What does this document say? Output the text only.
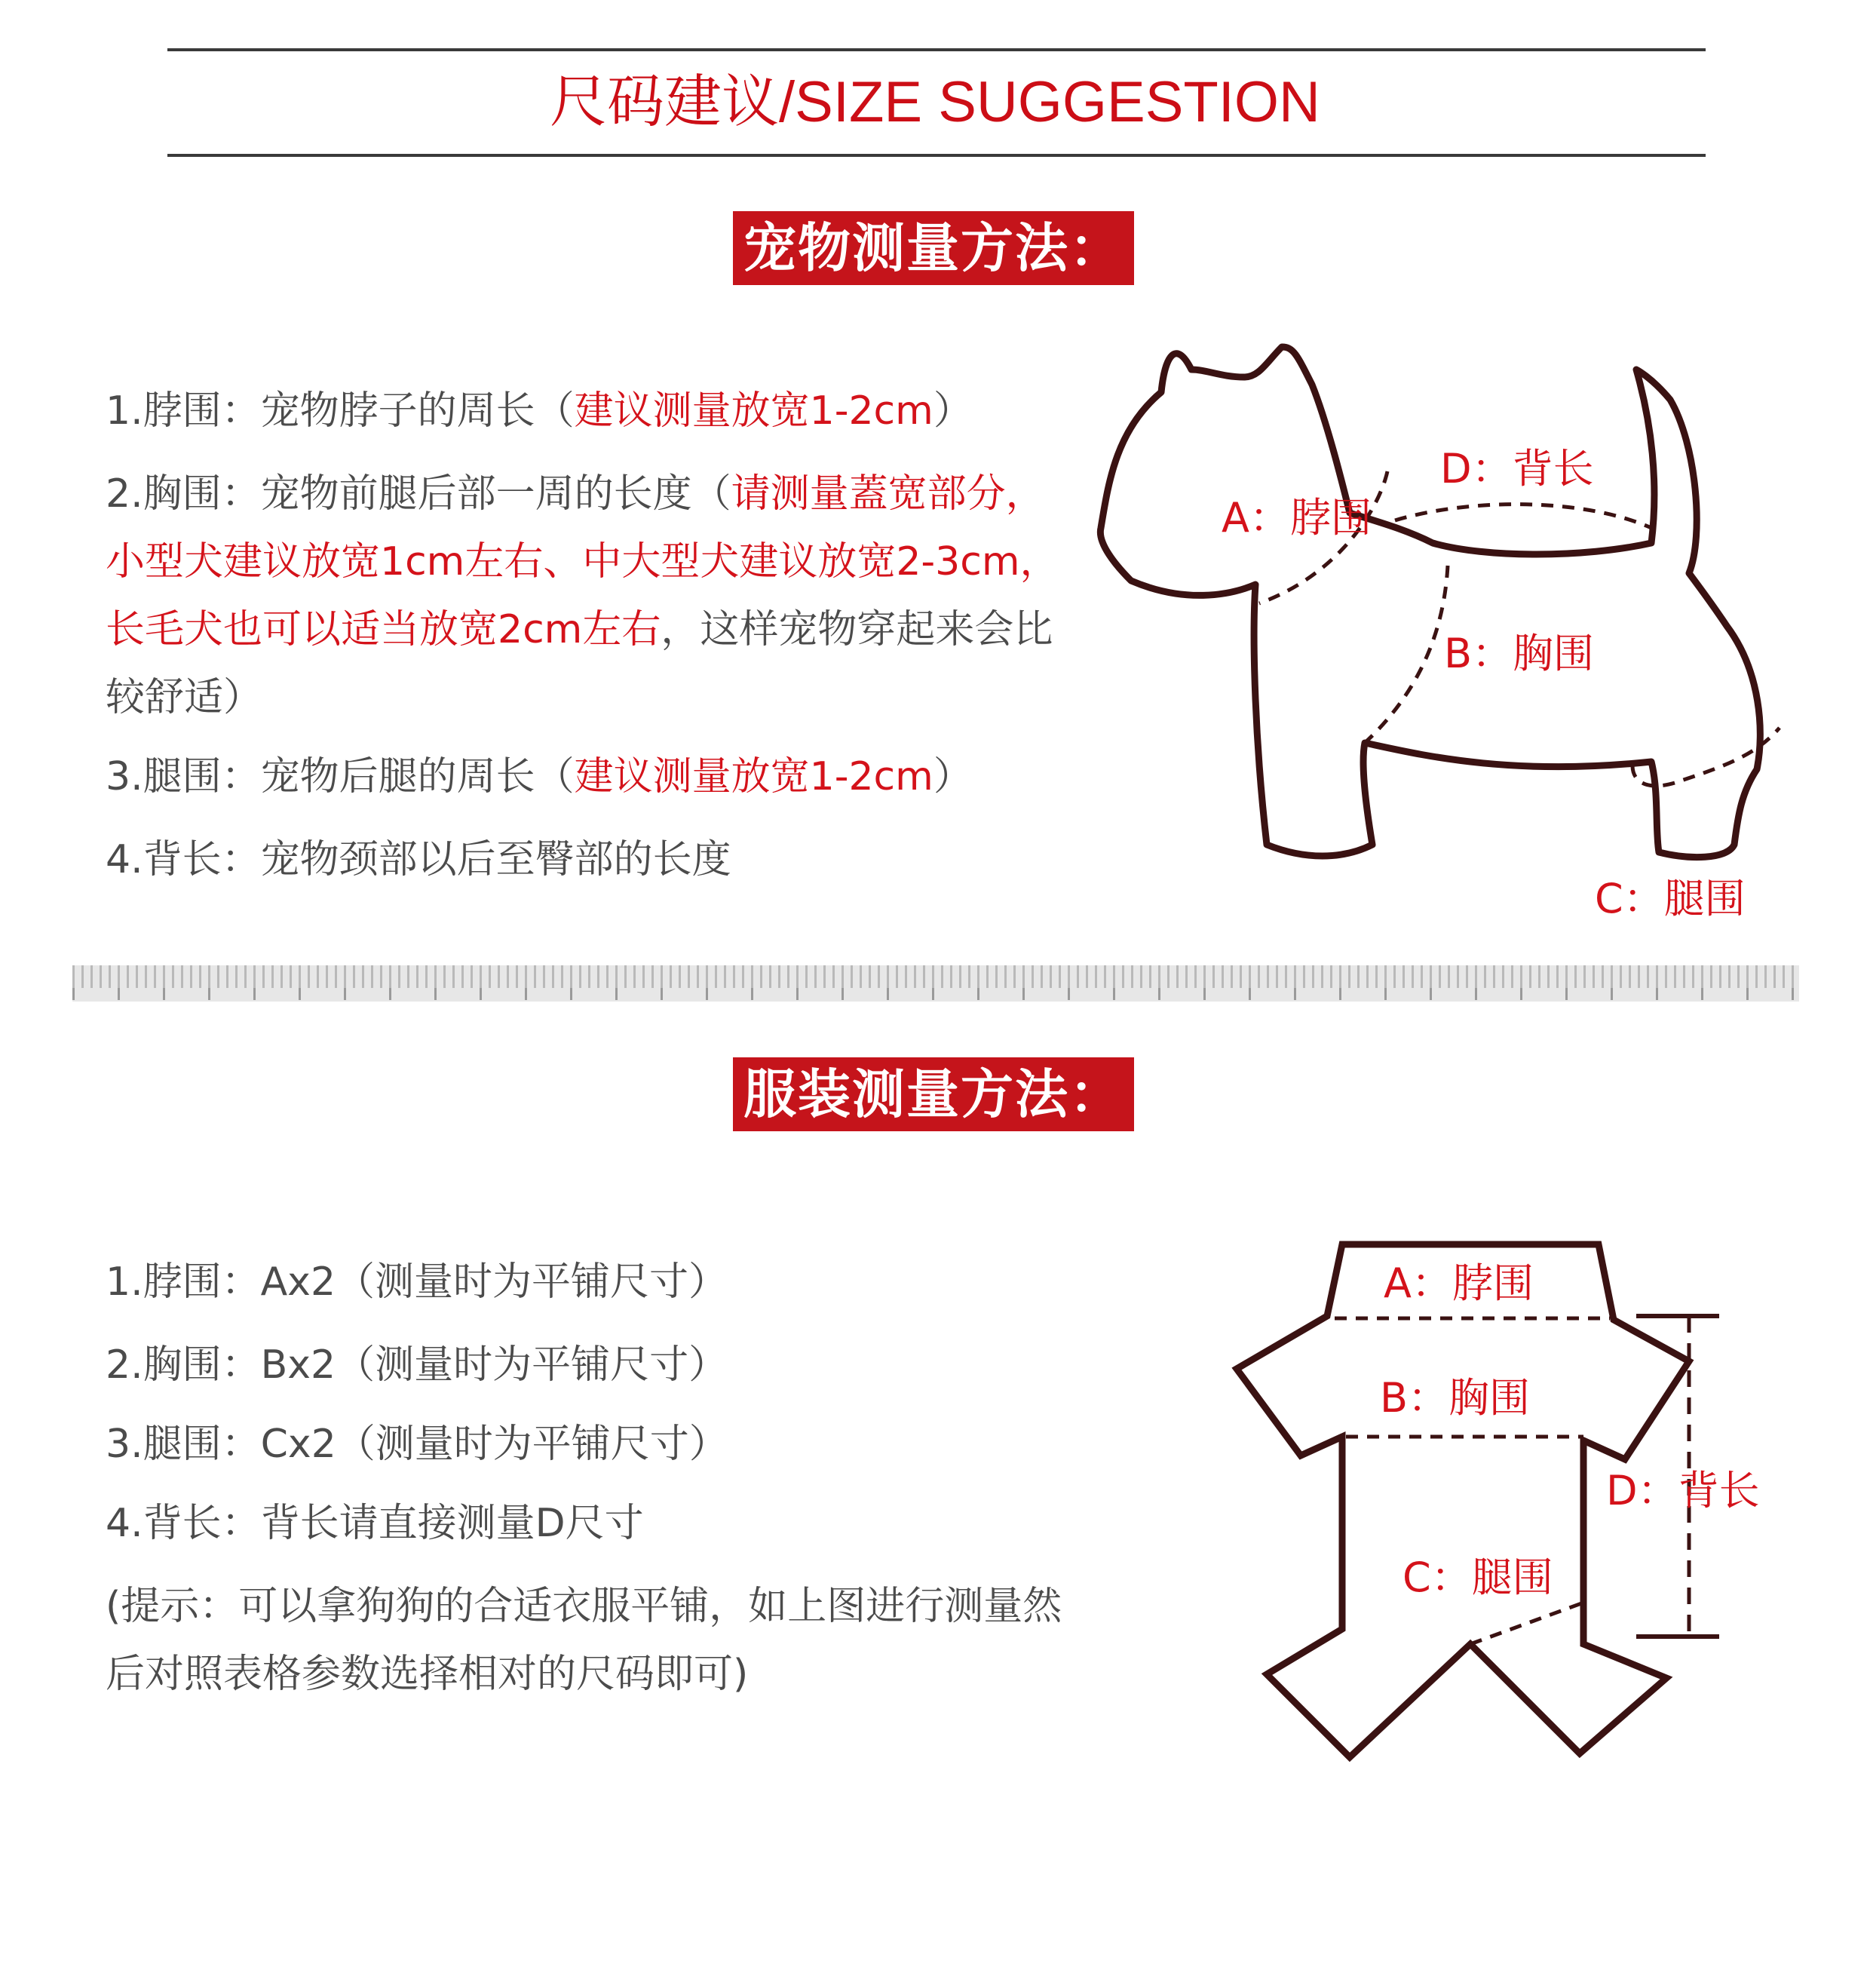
尺码建议/SIZE SUGGESTION
宠物测量方法：
1.脖围：宠物脖子的周长（建议测量放宽1-2cm）
2.胸围：宠物前腿后部一周的长度（请测量蓋宽部分，小型犬建议放宽1cm左右、中大型犬建议放宽2-3cm，长毛犬也可以适当放宽2cm左右，这样宠物穿起来会比较舒适）
3.腿围：宠物后腿的周长（建议测量放宽1-2cm）
4.背长：宠物颈部以后至臀部的长度
A：脖围
D：背长
B：胸围
C：腿围
服装测量方法：
1.脖围：Ax2（测量时为平铺尺寸）
2.胸围：Bx2（测量时为平铺尺寸）
3.腿围：Cx2（测量时为平铺尺寸）
4.背长：背长请直接测量D尺寸
(提示：可以拿狗狗的合适衣服平铺，如上图进行测量然后对照表格参数选择相对的尺码即可)
A：脖围
B：胸围
D：背长
C：腿围
